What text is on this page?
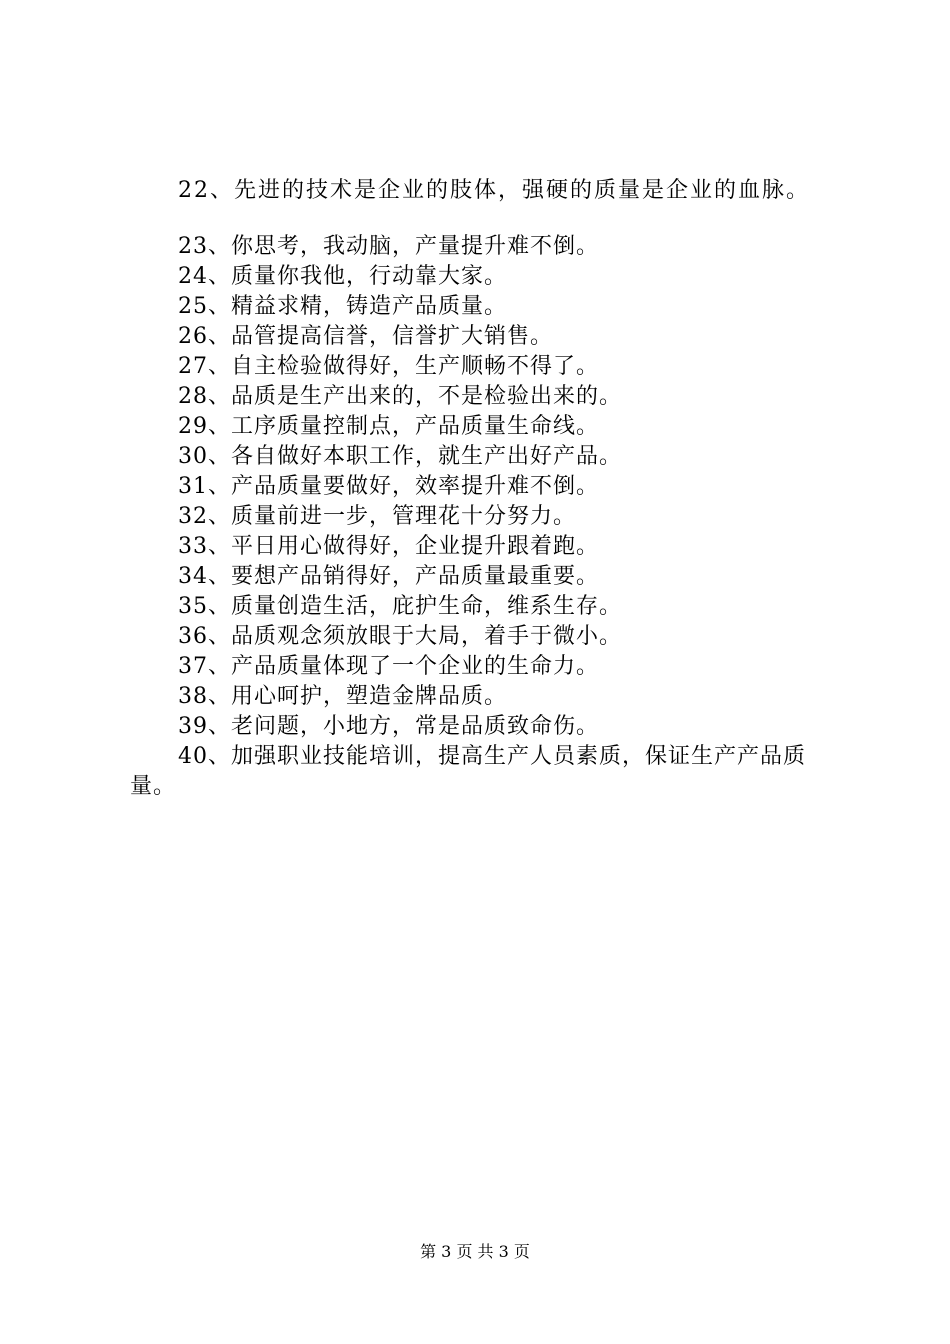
22、先进的技术是企业的肢体，强硬的质量是企业的血脉。
23、你思考，我动脑，产量提升难不倒。
24、质量你我他，行动靠大家。
25、精益求精，铸造产品质量。
26、品管提高信誉，信誉扩大销售。
27、自主检验做得好，生产顺畅不得了。
28、品质是生产出来的，不是检验出来的。
29、工序质量控制点，产品质量生命线。
30、各自做好本职工作，就生产出好产品。
31、产品质量要做好，效率提升难不倒。
32、质量前进一步，管理花十分努力。
33、平日用心做得好，企业提升跟着跑。
34、要想产品销得好，产品质量最重要。
35、质量创造生活，庇护生命，维系生存。
36、品质观念须放眼于大局，着手于微小。
37、产品质量体现了一个企业的生命力。
38、用心呵护，塑造金牌品质。
39、老问题，小地方，常是品质致命伤。
40、加强职业技能培训，提高生产人员素质，保证生产产品质量。
第 3 页 共 3 页
